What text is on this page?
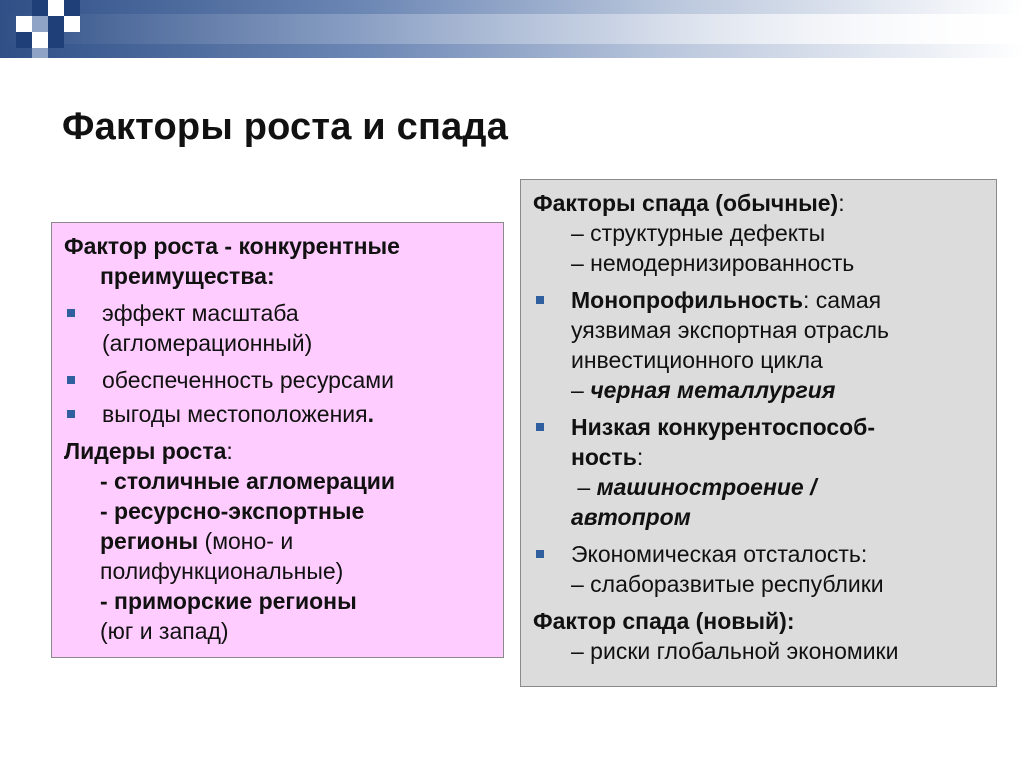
Факторы роста и спада
Фактор роста - конкурентные
преимущества:
эффект масштаба
(агломерационный)
обеспеченность ресурсами
выгоды местоположения.
Лидеры роста:
- столичные агломерации
- ресурсно-экспортные
регионы (моно- и
полифункциональные)
- приморские регионы
(юг и запад)
Факторы спада (обычные):
– структурные дефекты
– немодернизированность
Монопрофильность: самая
уязвимая экспортная отрасль
инвестиционного цикла
– черная металлургия
Низкая конкурентоспособ-
ность:
– машиностроение /
автопром
Экономическая отсталость:
– слаборазвитые республики
Фактор спада (новый):
– риски глобальной экономики
